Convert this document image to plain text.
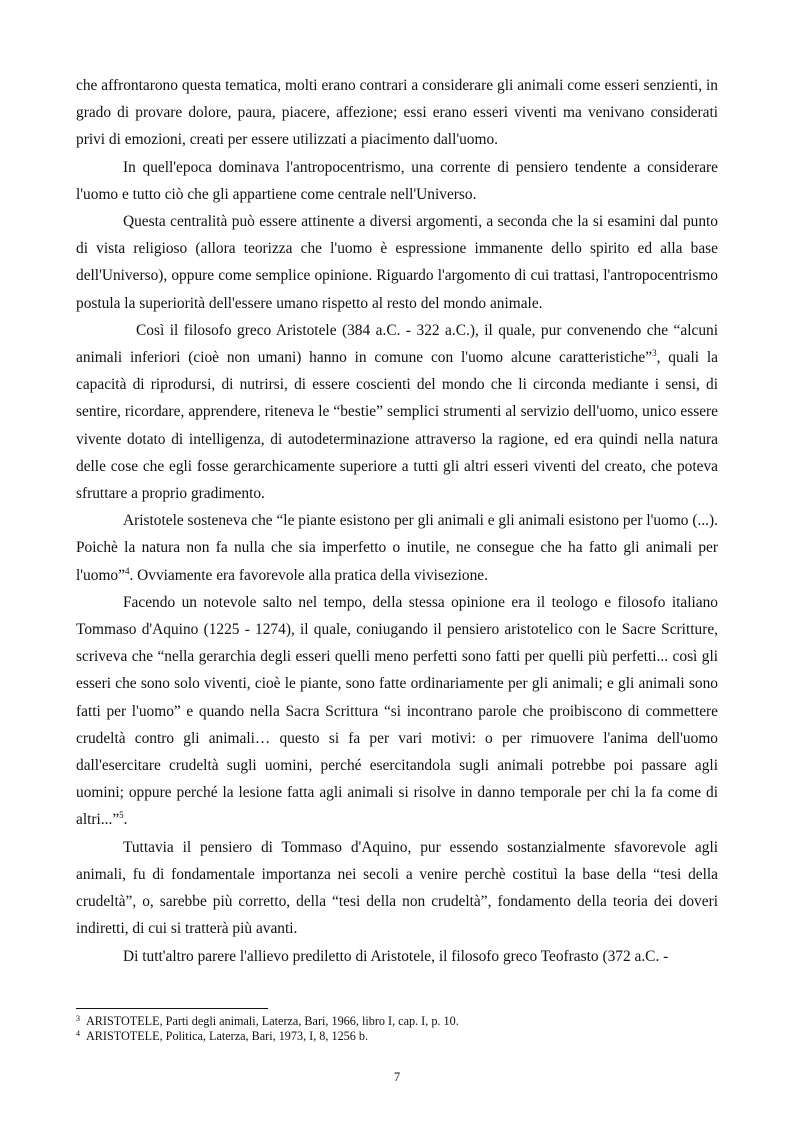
che affrontarono questa tematica, molti erano contrari a considerare gli animali come esseri senzienti, in grado di provare dolore, paura, piacere, affezione; essi erano esseri viventi ma venivano considerati privi di emozioni, creati per essere utilizzati a piacimento dall'uomo.

In quell'epoca dominava l'antropocentrismo, una corrente di pensiero tendente a considerare l'uomo e tutto ciò che gli appartiene come centrale nell'Universo.

Questa centralità può essere attinente a diversi argomenti, a seconda che la si esamini dal punto di vista religioso (allora teorizza che l'uomo è espressione immanente dello spirito ed alla base dell'Universo), oppure come semplice opinione. Riguardo l'argomento di cui trattasi, l'antropocentrismo postula la superiorità dell'essere umano rispetto al resto del mondo animale.

Così il filosofo greco Aristotele (384 a.C. - 322 a.C.), il quale, pur convenendo che “alcuni animali inferiori (cioè non umani) hanno in comune con l'uomo alcune caratteristiche”$^3$, quali la capacità di riprodursi, di nutrirsi, di essere coscienti del mondo che li circonda mediante i sensi, di sentire, ricordare, apprendere, riteneva le “bestie” semplici strumenti al servizio dell'uomo, unico essere vivente dotato di intelligenza, di autodeterminazione attraverso la ragione, ed era quindi nella natura delle cose che egli fosse gerarchicamente superiore a tutti gli altri esseri viventi del creato, che poteva sfruttare a proprio gradimento.

Aristotele sosteneva che “le piante esistono per gli animali e gli animali esistono per l'uomo (...). Poichè la natura non fa nulla che sia imperfetto o inutile, ne consegue che ha fatto gli animali per l'uomo”$^4$. Ovviamente era favorevole alla pratica della vivisezione.

Facendo un notevole salto nel tempo, della stessa opinione era il teologo e filosofo italiano Tommaso d'Aquino (1225 - 1274), il quale, coniugando il pensiero aristotelico con le Sacre Scritture, scriveva che “nella gerarchia degli esseri quelli meno perfetti sono fatti per quelli più perfetti... così gli esseri che sono solo viventi, cioè le piante, sono fatte ordinariamente per gli animali; e gli animali sono fatti per l'uomo” e quando nella Sacra Scrittura “si incontrano parole che proibiscono di commettere crudeltà contro gli animali… questo si fa per vari motivi: o per rimuovere l'anima dell'uomo dall'esercitare crudeltà sugli uomini, perché esercitandola sugli animali potrebbe poi passare agli uomini; oppure perché la lesione fatta agli animali si risolve in danno temporale per chi la fa come di altri...”$^5$.

Tuttavia il pensiero di Tommaso d'Aquino, pur essendo sostanzialmente sfavorevole agli animali, fu di fondamentale importanza nei secoli a venire perchè costituì la base della “tesi della crudeltà”, o, sarebbe più corretto, della “tesi della non crudeltà”, fondamento della teoria dei doveri indiretti, di cui si tratterà più avanti.

Di tutt'altro parere l'allievo prediletto di Aristotele, il filosofo greco Teofrasto (372 a.C. -

$^3$ ARISTOTELE, Parti degli animali, Laterza, Bari, 1966, libro I, cap. I, p. 10.

$^4$ ARISTOTELE, Politica, Laterza, Bari, 1973, I, 8, 1256 b.

7
